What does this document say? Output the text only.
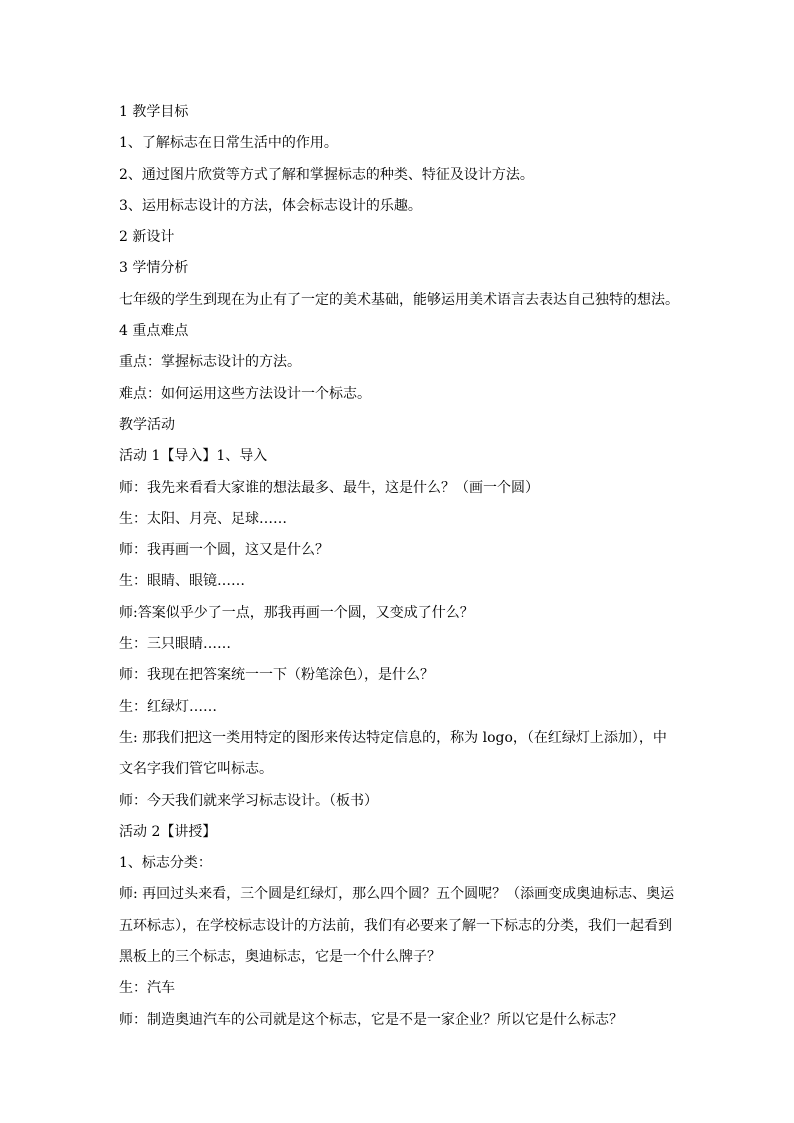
1 教学目标
1、了解标志在日常生活中的作用。
2、通过图片欣赏等方式了解和掌握标志的种类、特征及设计方法。
3、运用标志设计的方法，体会标志设计的乐趣。
2 新设计
3 学情分析
七年级的学生到现在为止有了一定的美术基础，能够运用美术语言去表达自己独特的想法。
4 重点难点
重点：掌握标志设计的方法。
难点：如何运用这些方法设计一个标志。
教学活动
活动 1【导入】1、导入
师：我先来看看大家谁的想法最多、最牛，这是什么？（画一个圆）
生：太阳、月亮、足球……
师：我再画一个圆，这又是什么？
生：眼睛、眼镜……
师:答案似乎少了一点，那我再画一个圆，又变成了什么？
生：三只眼睛……
师：我现在把答案统一一下（粉笔涂色），是什么？
生：红绿灯……
生: 那我们把这一类用特定的图形来传达特定信息的，称为 logo，（在红绿灯上添加），中
文名字我们管它叫标志。
师：今天我们就来学习标志设计。（板书）
活动 2【讲授】
1、标志分类：
师: 再回过头来看，三个圆是红绿灯，那么四个圆？五个圆呢？（添画变成奥迪标志、奥运
五环标志），在学校标志设计的方法前，我们有必要来了解一下标志的分类，我们一起看到
黑板上的三个标志，奥迪标志，它是一个什么牌子？
生：汽车
师：制造奥迪汽车的公司就是这个标志，它是不是一家企业？所以它是什么标志？
